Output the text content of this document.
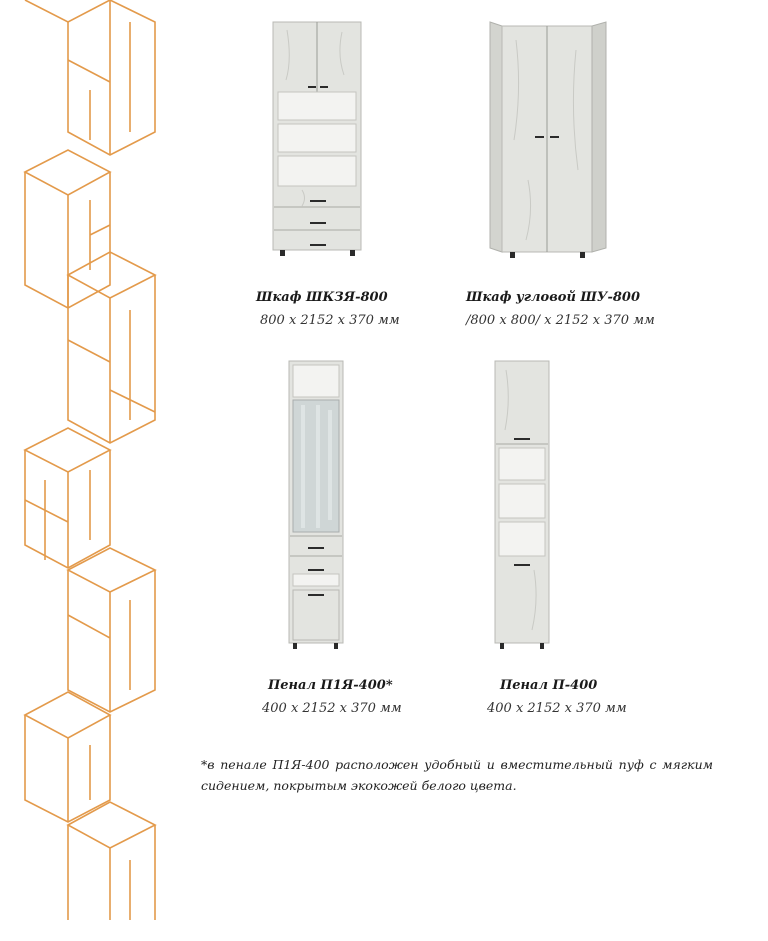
Шкаф ШКЗЯ-800
800 х 2152 х 370 мм
Шкаф угловой ШУ-800
/800 х 800/ х 2152 х 370 мм
Пенал П1Я-400*
400 х 2152 х 370 мм
Пенал П-400
400 х 2152 х 370 мм
*в пенале П1Я-400 расположен удобный и вместительный пуф с мягким сидением, покрытым экокожей белого цвета.
